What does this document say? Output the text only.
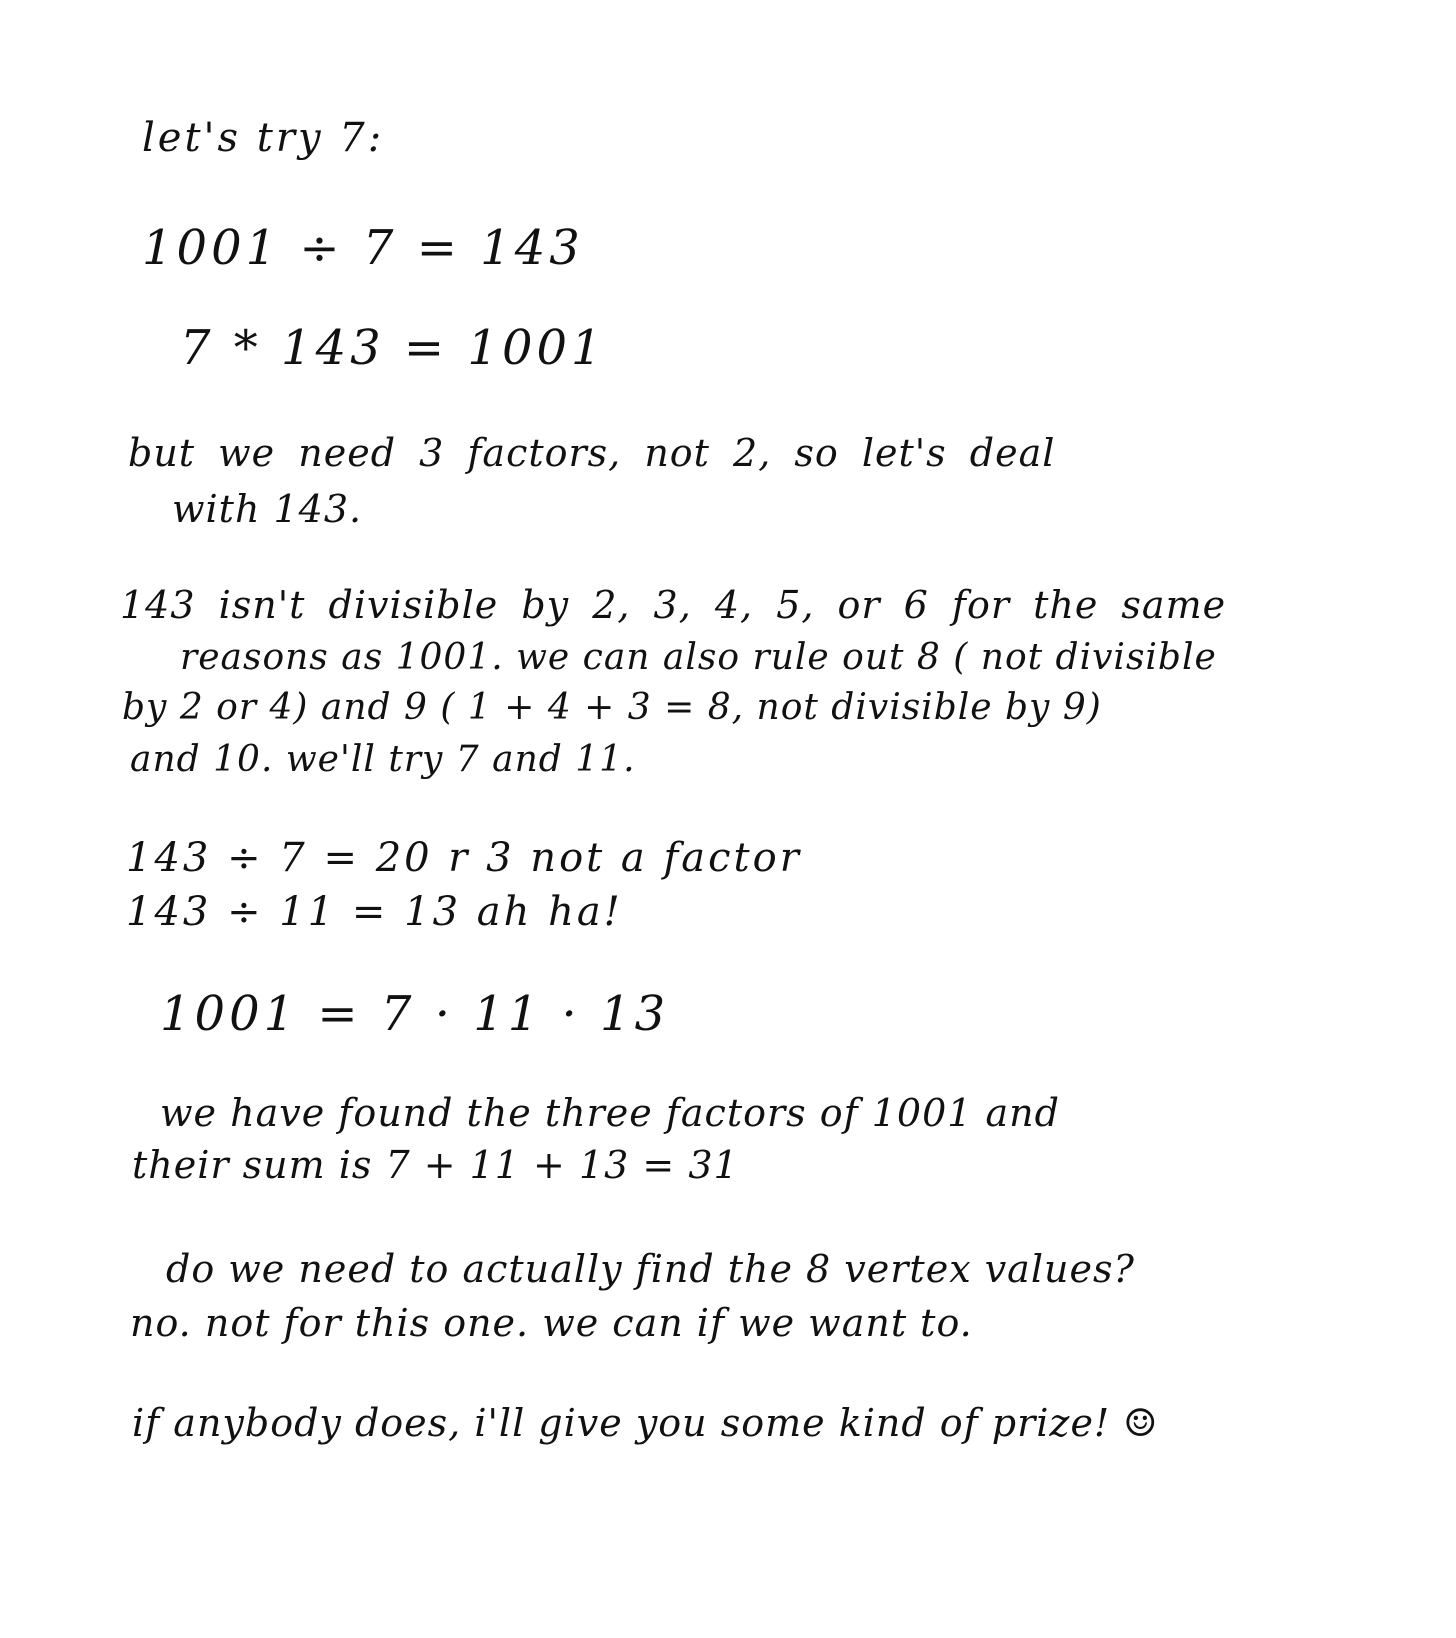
let's try 7:
1001 ÷ 7 = 143
7 * 143 = 1001
but we need 3 factors, not 2, so let's deal
with 143.
143 isn't divisible by 2, 3, 4, 5, or 6 for the same
reasons as 1001. we can also rule out 8 ( not divisible
by 2 or 4) and 9 ( 1 + 4 + 3 = 8, not divisible by 9)
and 10. we'll try 7 and 11.
143 ÷ 7 = 20 r 3 not a factor
143 ÷ 11 = 13 ah ha!
1001 = 7 · 11 · 13
we have found the three factors of 1001 and
their sum is 7 + 11 + 13 = 31
do we need to actually find the 8 vertex values?
no. not for this one. we can if we want to.
if anybody does, i'll give you some kind of prize! ☺
